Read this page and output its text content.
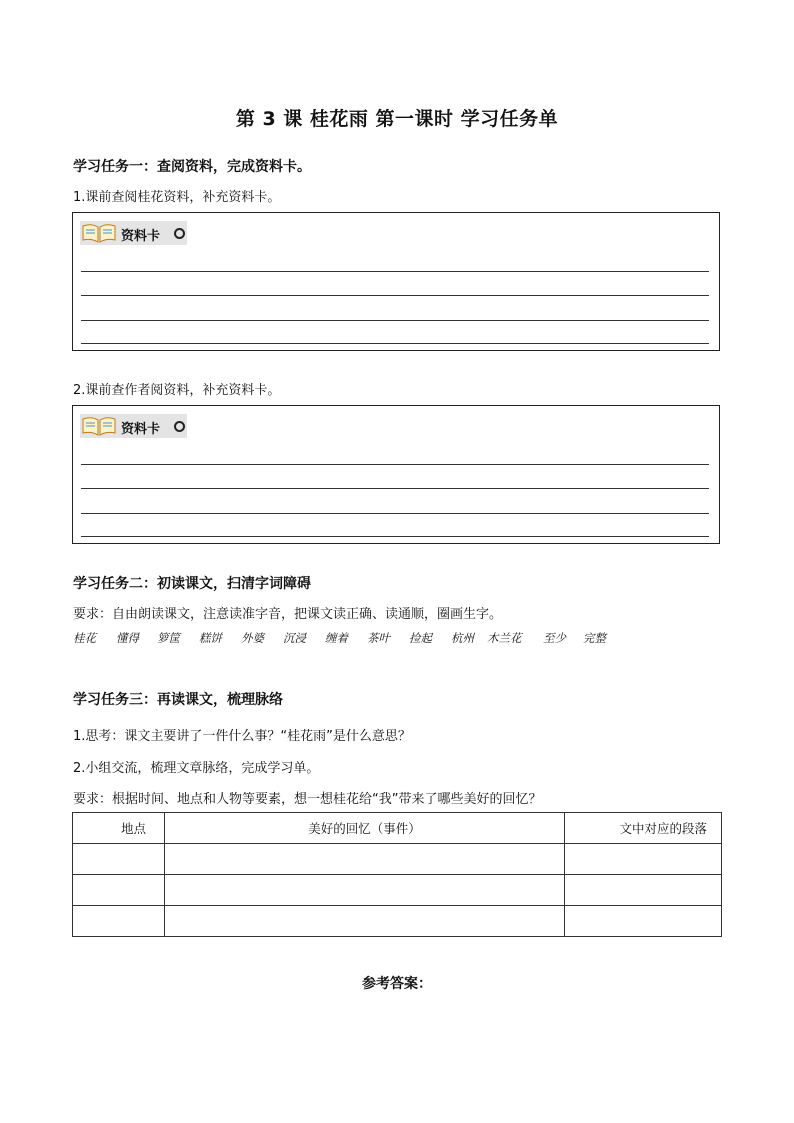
第 3 课 桂花雨 第一课时 学习任务单
学习任务一：查阅资料，完成资料卡。
1.课前查阅桂花资料，补充资料卡。
资料卡
2.课前查作者阅资料，补充资料卡。
资料卡
学习任务二：初读课文，扫清字词障碍
要求：自由朗读课文，注意读准字音，把课文读正确、读通顺，圈画生字。
桂花 懂得 箩筐 糕饼 外婆 沉浸 缠着 茶叶 捡起 杭州 木兰花 至少 完整
学习任务三：再读课文，梳理脉络
1.思考：课文主要讲了一件什么事？“桂花雨”是什么意思？
2.小组交流，梳理文章脉络，完成学习单。
要求：根据时间、地点和人物等要素，想一想桂花给“我”带来了哪些美好的回忆？
地点	美好的回忆（事件）	文中对应的段落

参考答案：
